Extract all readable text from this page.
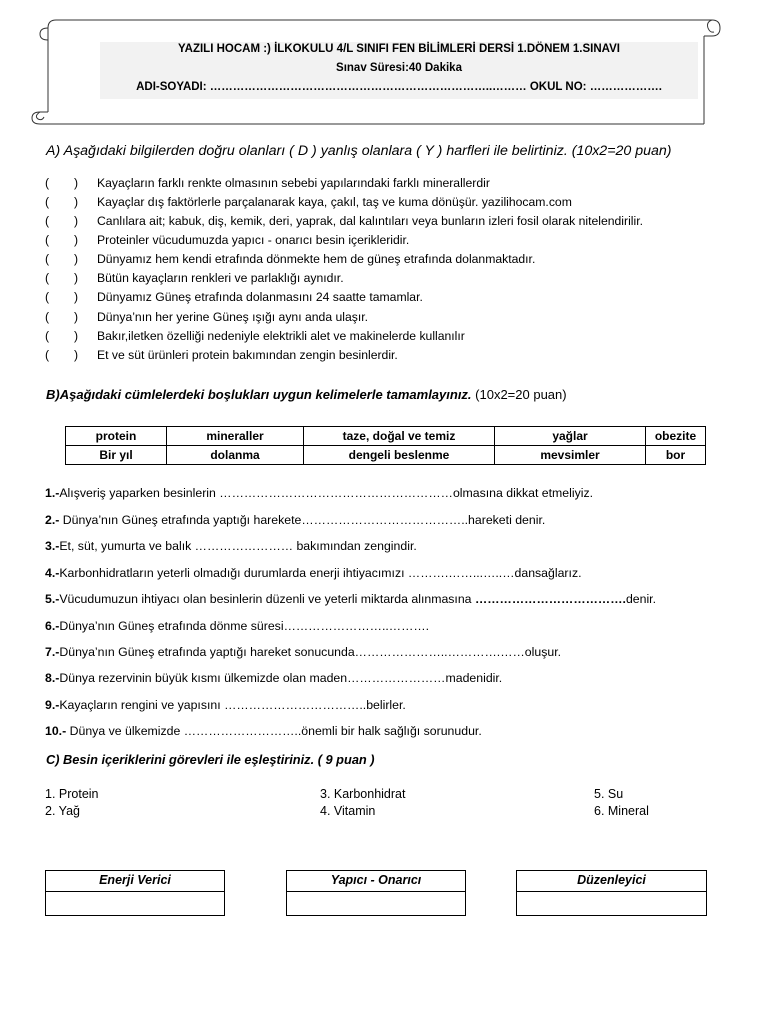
YAZILI HOCAM :) İLKOKULU 4/L SINIFI FEN BİLİMLERİ DERSİ 1.DÖNEM 1.SINAVI
Sınav Süresi:40 Dakika
ADI-SOYADI: ………………………………………………………………..……… OKUL NO: ……………….
A) Aşağıdaki bilgilerden doğru olanları ( D ) yanlış olanlara ( Y ) harfleri ile belirtiniz. (10x2=20 puan)
( ) Kayaçların farklı renkte olmasının sebebi yapılarındaki farklı minerallerdir
( ) Kayaçlar dış faktörlerle parçalanarak kaya, çakıl, taş ve kuma dönüşür. yazilihocam.com
( ) Canlılara ait; kabuk, diş, kemik, deri, yaprak, dal kalıntıları veya bunların izleri fosil olarak nitelendirilir.
( ) Proteinler vücudumuzda yapıcı - onarıcı besin içerikleridir.
( ) Dünyamız hem kendi etrafında dönmekte hem de güneş etrafında dolanmaktadır.
( ) Bütün kayaçların renkleri ve parlaklığı aynıdır.
( ) Dünyamız Güneş etrafında dolanmasını 24 saatte tamamlar.
( ) Dünya’nın her yerine Güneş ışığı aynı anda ulaşır.
( ) Bakır,iletken özelliği nedeniyle elektrikli alet ve makinelerde kullanılır
( ) Et ve süt ürünleri protein bakımından zengin besinlerdir.
B)Aşağıdaki cümlelerdeki boşlukları uygun kelimelerle tamamlayınız. (10x2=20 puan)
protein	mineraller	taze, doğal ve temiz	yağlar	obezite
Bir yıl	dolanma	dengeli beslenme	mevsimler	bor
1.-Alışveriş yaparken besinlerin …………………………………………………olmasına dikkat etmeliyiz.
2.- Dünya’nın Güneş etrafında yaptığı harekete…………………………………..hareketi denir.
3.-Et, süt, yumurta ve balık …………………… bakımından zengindir.
4.-Karbonhidratların yeterli olmadığı durumlarda enerji ihtiyacımızı ……….……...…..…dansağlarız.
5.-Vücudumuzun ihtiyacı olan besinlerin düzenli ve yeterli miktarda alınmasına ……………………………….denir.
6.-Dünya’nın Güneş etrafında dönme süresi……………………..……….
7.-Dünya’nın Güneş etrafında yaptığı hareket sonucunda…………………..………….……oluşur.
8.-Dünya rezervinin büyük kısmı ülkemizde olan maden……………………madenidir.
9.-Kayaçların rengini ve yapısını ……………………………..belirler.
10.- Dünya ve ülkemizde ………………………..önemli bir halk sağlığı sorunudur.
C) Besin içeriklerini görevleri ile eşleştiriniz. ( 9 puan )
1. Protein
2. Yağ
3. Karbonhidrat
4. Vitamin
5. Su
6. Mineral
Enerji Verici	Yapıcı - Onarıcı	Düzenleyici
